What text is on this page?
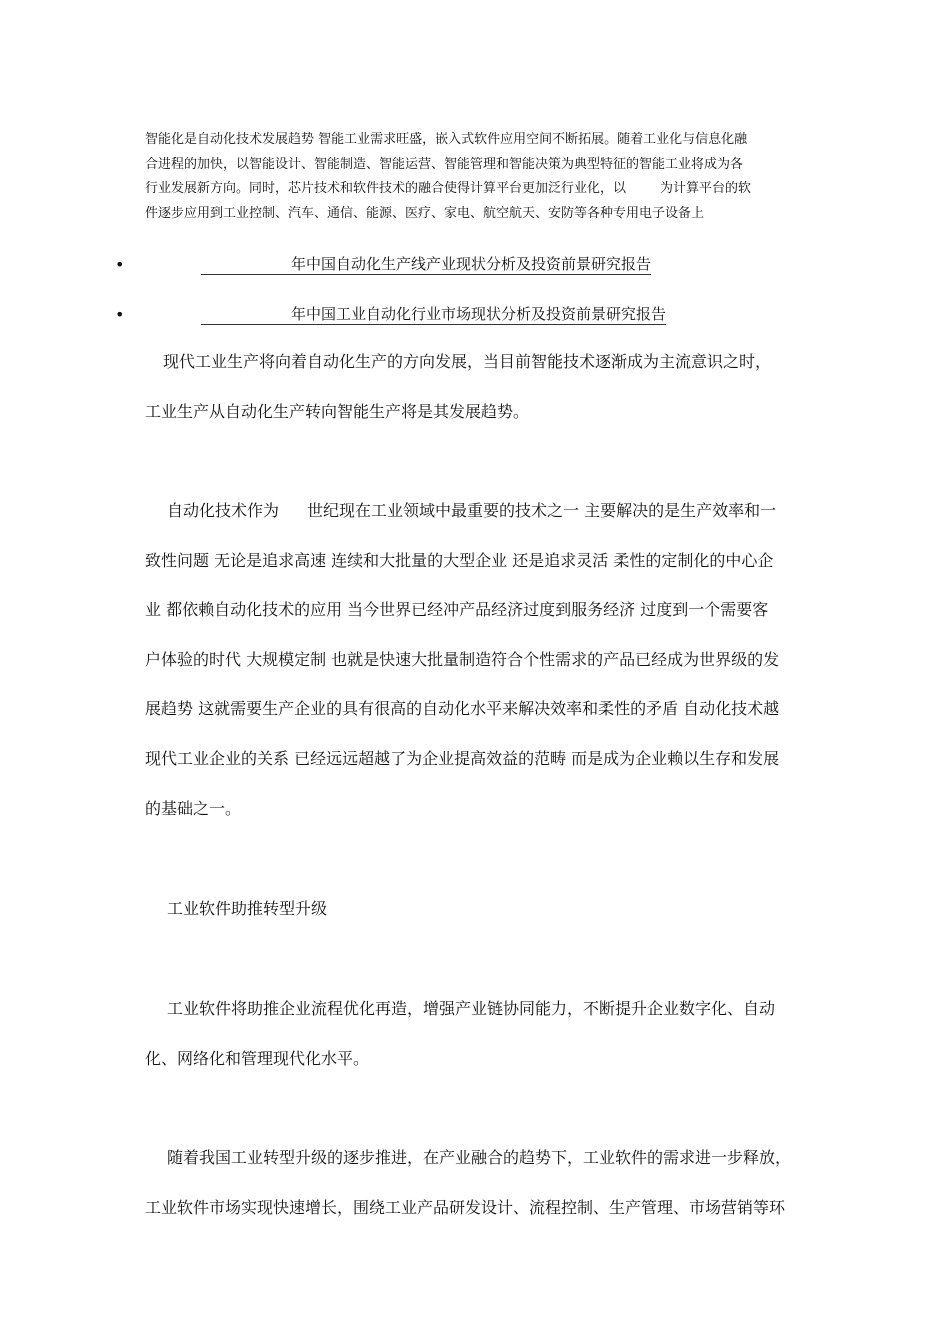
智能化是自动化技术发展趋势 智能工业需求旺盛，嵌入式软件应用空间不断拓展。随着工业化与信息化融
合进程的加快，以智能设计、智能制造、智能运营、智能管理和智能决策为典型特征的智能工业将成为各
行业发展新方向。同时，芯片技术和软件技术的融合使得计算平台更加泛行业化，以	为计算平台的软
件逐步应用到工业控制、汽车、通信、能源、医疗、家电、航空航天、安防等各种专用电子设备上
•	年中国自动化生产线产业现状分析及投资前景研究报告
•	年中国工业自动化行业市场现状分析及投资前景研究报告
现代工业生产将向着自动化生产的方向发展，当目前智能技术逐渐成为主流意识之时，
工业生产从自动化生产转向智能生产将是其发展趋势。
自动化技术作为 世纪现在工业领域中最重要的技术之一 主要解决的是生产效率和一
致性问题 无论是追求高速 连续和大批量的大型企业 还是追求灵活 柔性的定制化的中心企
业 都依赖自动化技术的应用 当今世界已经冲产品经济过度到服务经济 过度到一个需要客
户体验的时代 大规模定制 也就是快速大批量制造符合个性需求的产品已经成为世界级的发
展趋势 这就需要生产企业的具有很高的自动化水平来解决效率和柔性的矛盾 自动化技术越
现代工业企业的关系 已经远远超越了为企业提高效益的范畴 而是成为企业赖以生存和发展
的基础之一。
工业软件助推转型升级
工业软件将助推企业流程优化再造，增强产业链协同能力，不断提升企业数字化、自动
化、网络化和管理现代化水平。
随着我国工业转型升级的逐步推进，在产业融合的趋势下，工业软件的需求进一步释放，
工业软件市场实现快速增长，围绕工业产品研发设计、流程控制、生产管理、市场营销等环
